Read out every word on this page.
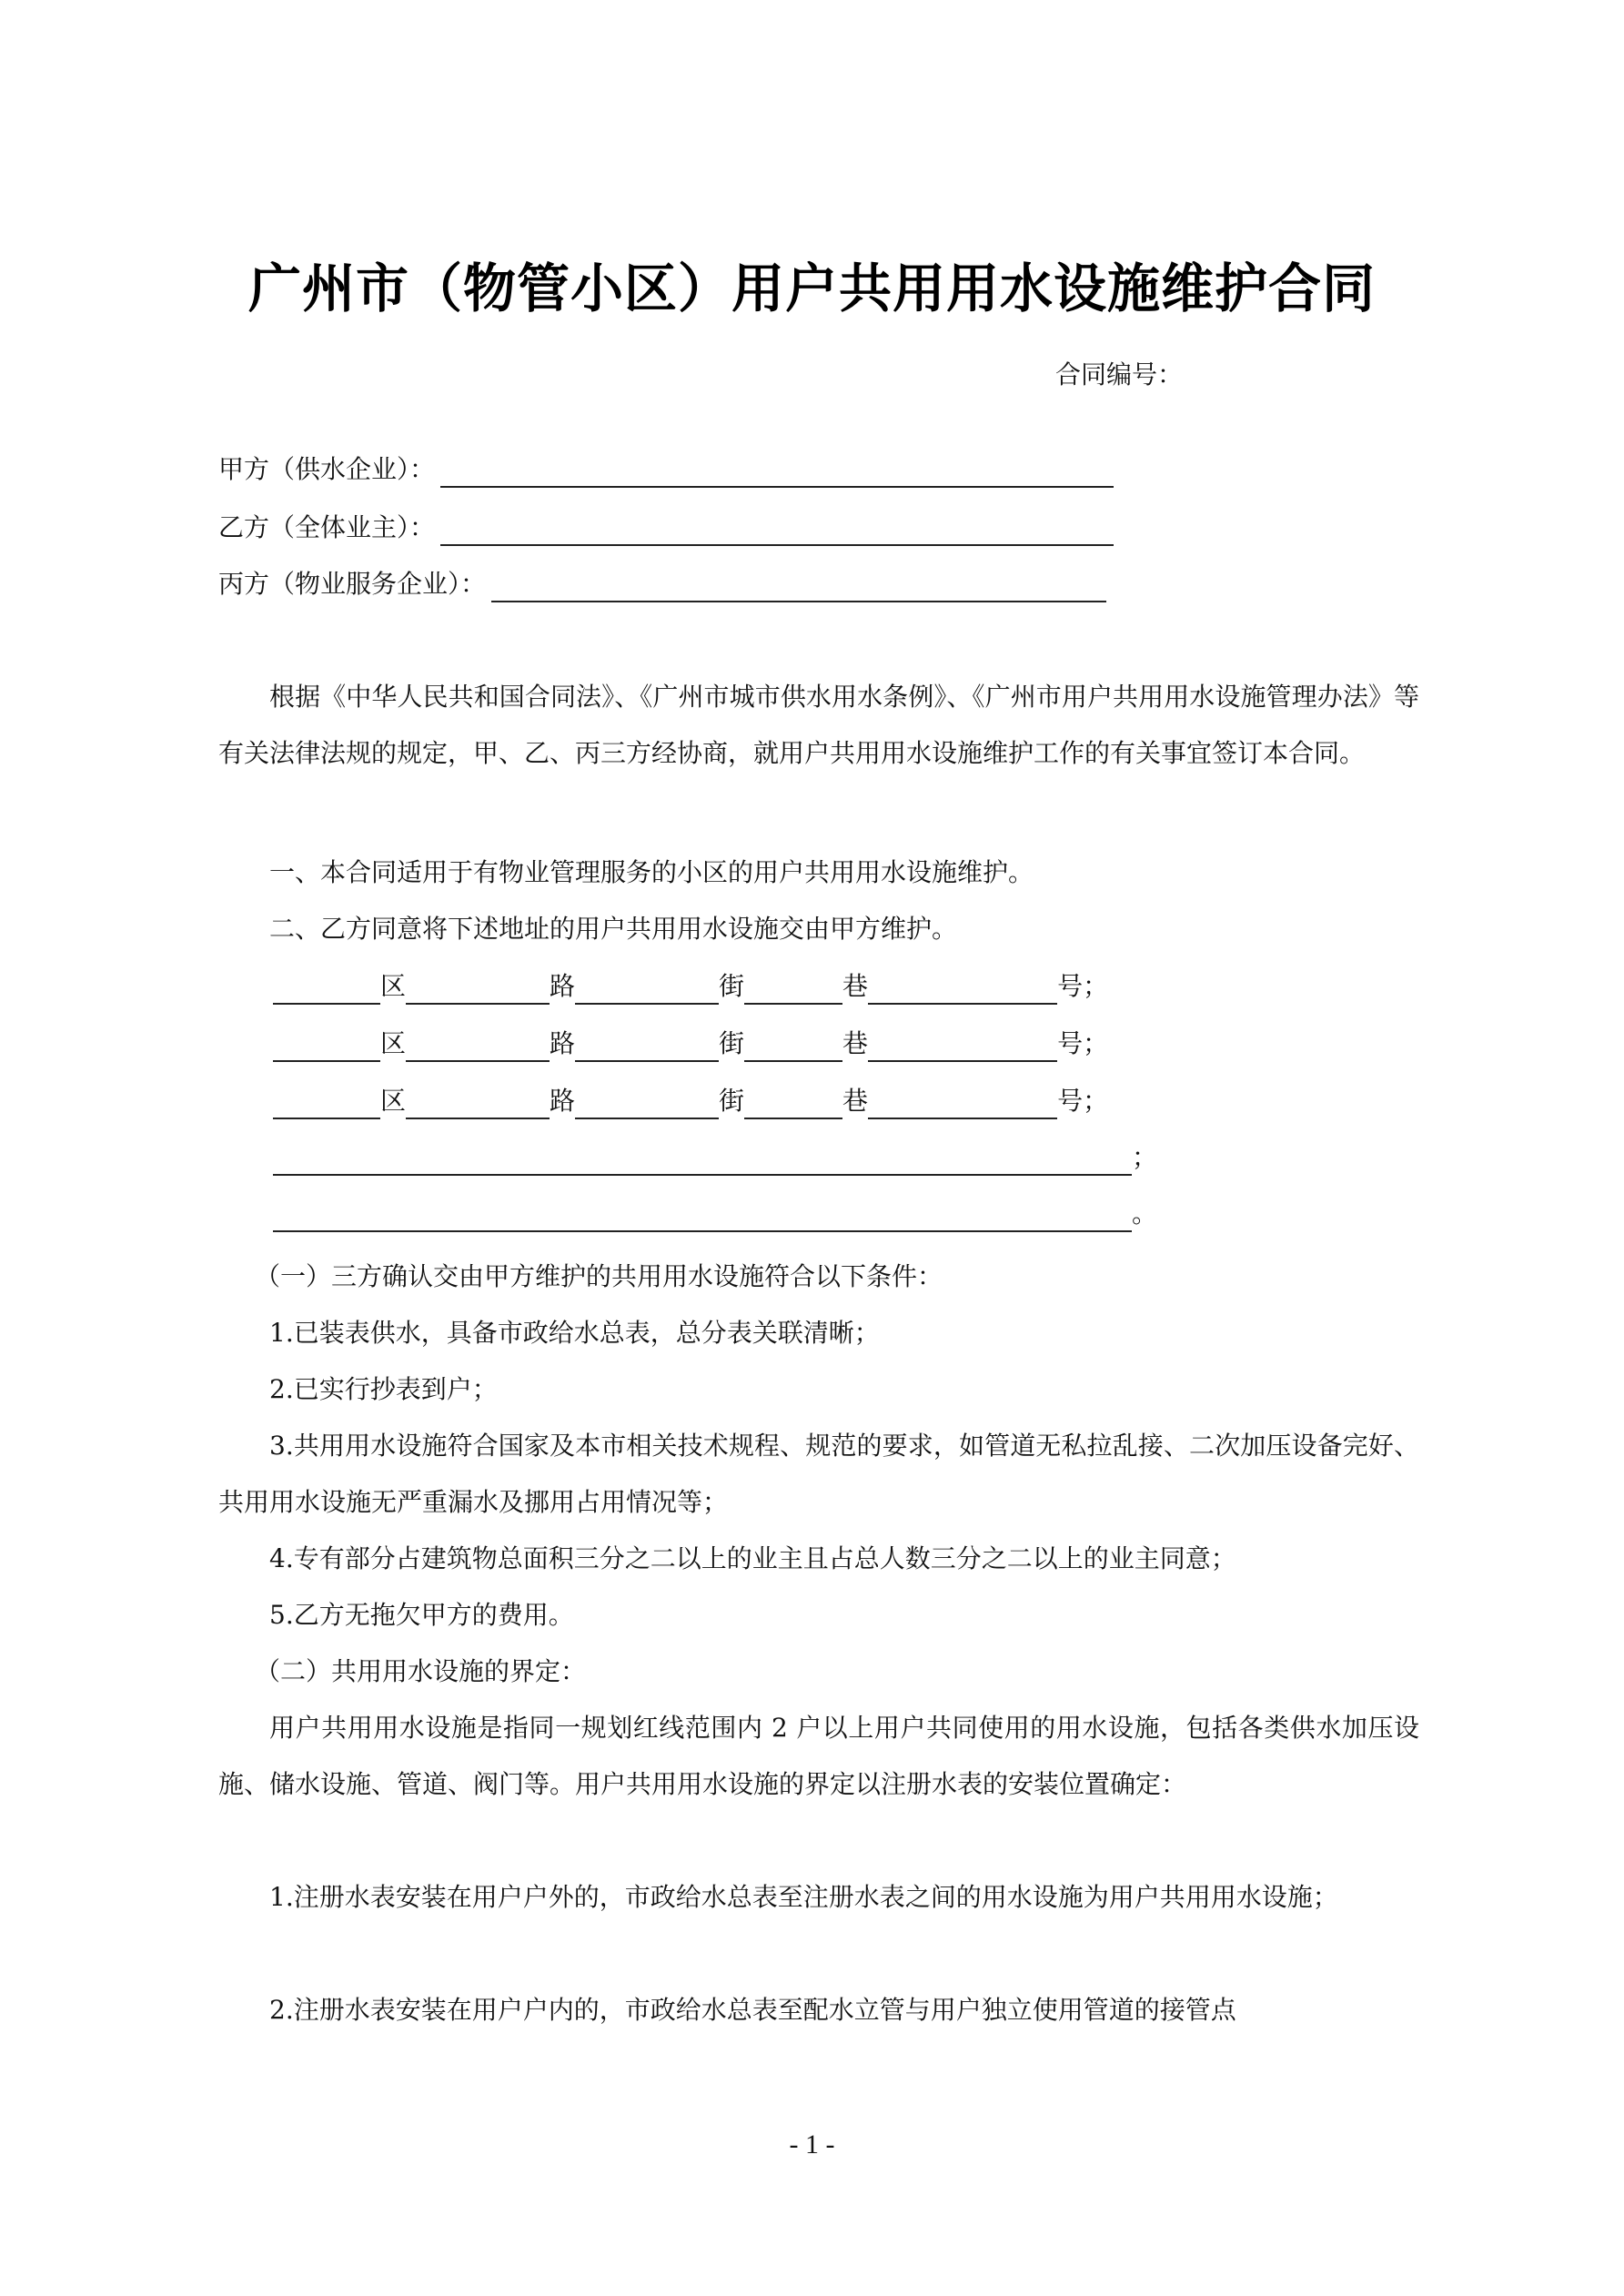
广州市（物管小区）用户共用用水设施维护合同
合同编号：
甲方（供水企业）：
乙方（全体业主）：
丙方（物业服务企业）：
根据《中华人民共和国合同法》、《广州市城市供水用水条例》、《广州市用户共用用水设施管理办法》等有关法律法规的规定，甲、乙、丙三方经协商，就用户共用用水设施维护工作的有关事宜签订本合同。
一、本合同适用于有物业管理服务的小区的用户共用用水设施维护。
二、乙方同意将下述地址的用户共用用水设施交由甲方维护。
区	路	街	巷	号；
区	路	街	巷	号；
区	路	街	巷	号；
；
。
（一）三方确认交由甲方维护的共用用水设施符合以下条件：
1.已装表供水，具备市政给水总表，总分表关联清晰；
2.已实行抄表到户；
3.共用用水设施符合国家及本市相关技术规程、规范的要求，如管道无私拉乱接、二次加压设备完好、共用用水设施无严重漏水及挪用占用情况等；
4.专有部分占建筑物总面积三分之二以上的业主且占总人数三分之二以上的业主同意；
5.乙方无拖欠甲方的费用。
（二）共用用水设施的界定：
用户共用用水设施是指同一规划红线范围内 2 户以上用户共同使用的用水设施，包括各类供水加压设施、储水设施、管道、阀门等。用户共用用水设施的界定以注册水表的安装位置确定：
1.注册水表安装在用户户外的，市政给水总表至注册水表之间的用水设施为用户共用用水设施；
2.注册水表安装在用户户内的，市政给水总表至配水立管与用户独立使用管道的接管点
- 1 -
